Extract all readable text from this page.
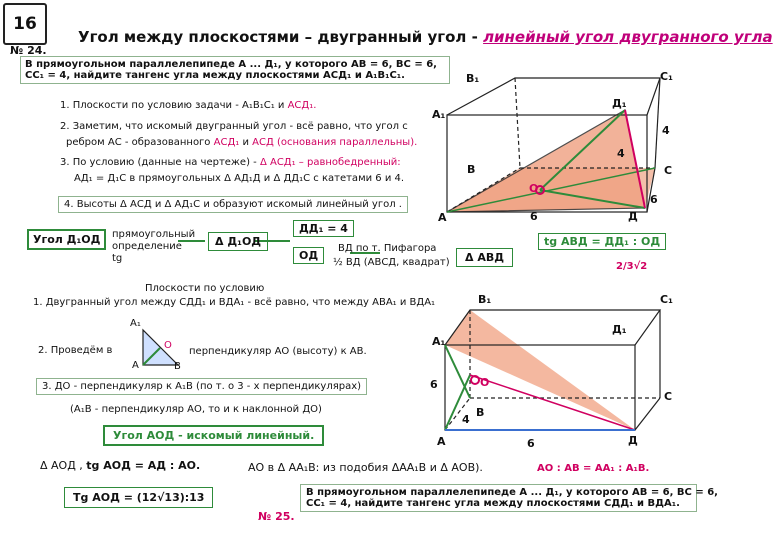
16
Угол между плоскостями – двугранный угол - линейный угол двугранного угла
№ 24.
В прямоугольном параллелепипеде А ... Д₁, у которого АВ = 6, ВС = 6,
СС₁ = 4, найдите тангенс угла между плоскостями АСД₁ и А₁В₁С₁.
1. Плоскости по условию задачи - А₁В₁С₁ и АСД₁.
2. Заметим, что искомый двугранный угол - всё равно, что угол с
ребром АС - образованного АСД₁ и АСД (основания параллельны).
3. По условию (данные на чертеже) - Δ АСД₁ – равнобедренный:
АД₁ = Д₁С в прямоугольных Δ АД₁Д и Δ ДД₁С с катетами 6 и 4.
4. Высоты Δ АСД и Δ АД₁С и образуют искомый линейный угол .
Угол Д₁ОД	прямоугольный определение tg
Δ Д₁ОД
ДД₁ = 4
ОД
ВД по т. Пифагора
½ ВД (АВСД, квадрат)	Δ АВД
tg АВД = ДД₁ : ОД
2/3√2
В₁	С₁
Д₁
А₁
В	С
А	Д
О
6
6
4
4
Плоскости по условию
1. Двугранный угол между СДД₁ и ВДА₁ - всё равно, что между АВА₁ и ВДА₁
А₁
А
О
В
2. Проведём в	перпендикуляр АО (высоту) к АВ.
3. ДО - перпендикуляр к А₁В (по т. о 3 - х перпендикулярах)
(А₁В - перпендикуляр АО, то и к наклонной ДО)
Угол АОД - искомый линейный.
Δ АОД , tg АОД = АД : АО.	АО в Δ АА₁В: из подобия ΔАА₁В и Δ АОВ).	АО : АВ = АА₁ : А₁В.
Tg АОД = (12√13):13
№ 25.
В прямоугольном параллелепипеде А ... Д₁, у которого АВ = 6, ВС = 6,
СС₁ = 4, найдите тангенс угла между плоскостями СДД₁ и ВДА₁.
В₁	С₁
Д₁
А₁
В
С
А	Д
О
6
6
4
